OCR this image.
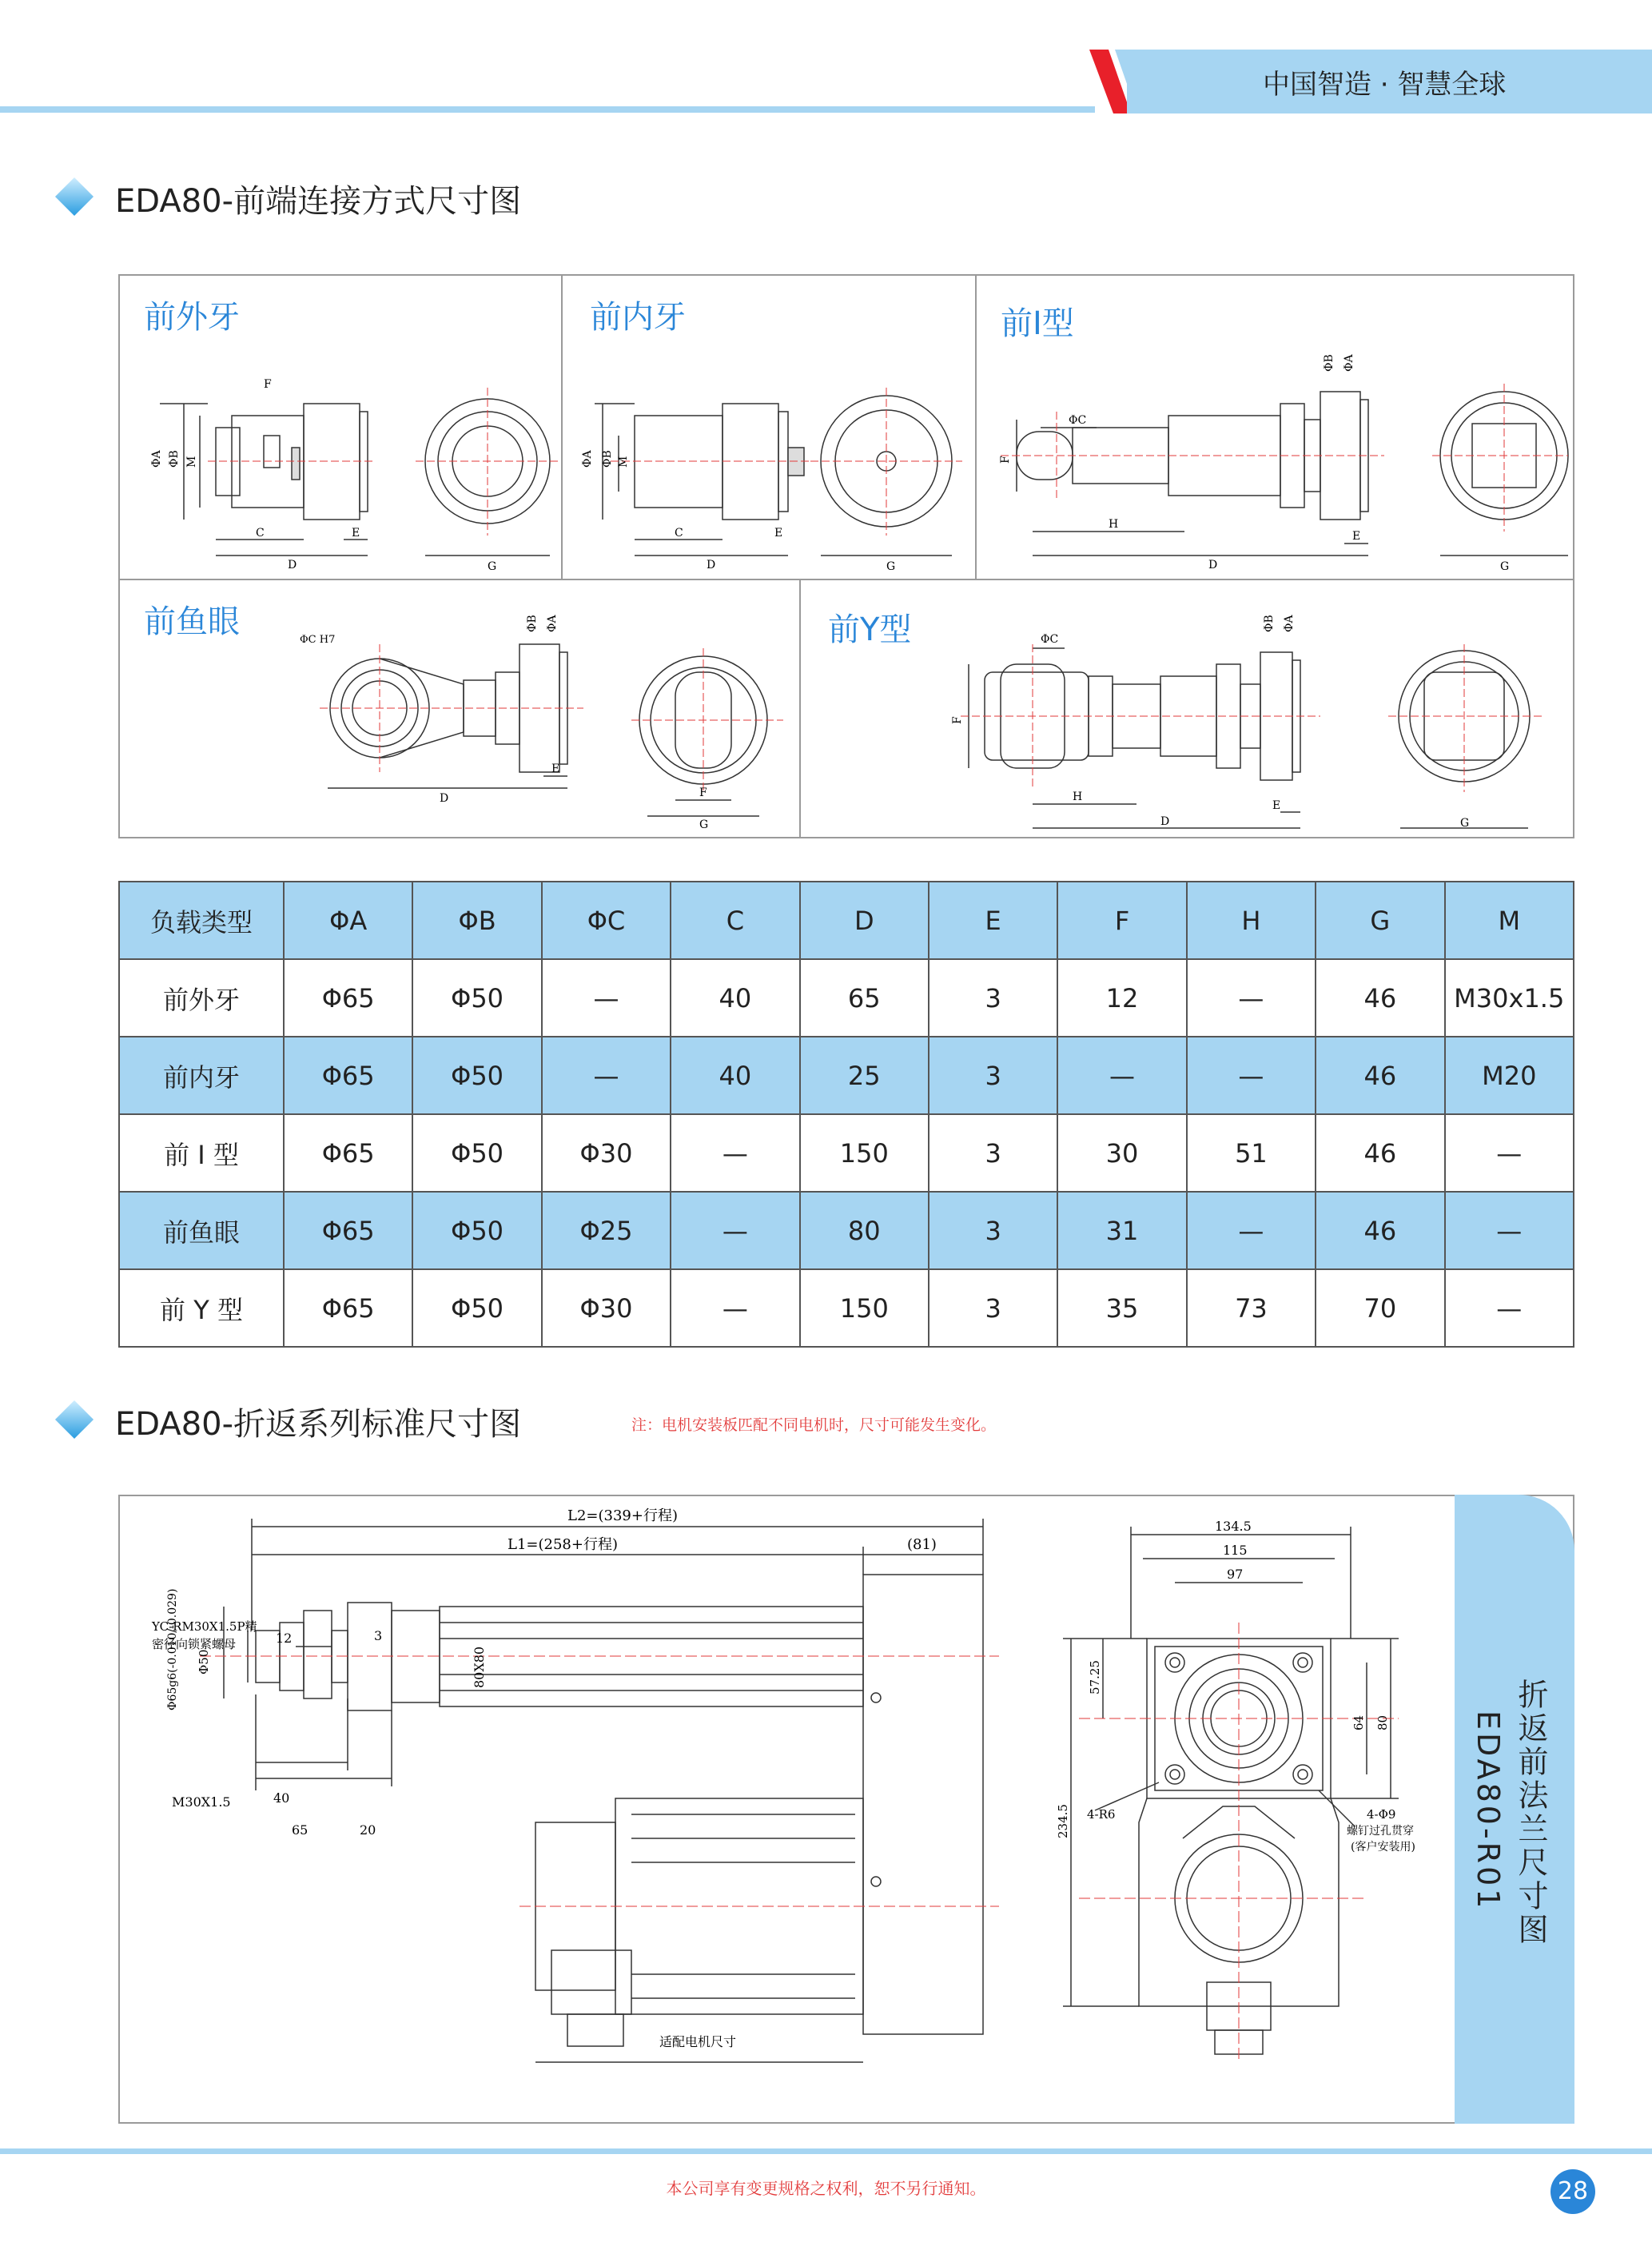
中国智造 · 智慧全球
EDA80-前端连接方式尺寸图
前外牙
ΦA ΦB M
C
D
E
F
G
前内牙
ΦA ΦB M
C
D
E
G
前I型
ΦC
F
H
D
E
ΦB ΦA
G
前鱼眼	ΦC H7
ΦB ΦA
D
E
F
G
前Y型	ΦC
F
H
D
E
ΦB ΦA
G
负载类型	ΦA	ΦB	ΦC	C	D	E	F	H	G	M
前外牙	Φ65	Φ50	—	40	65	3	12	—	46	M30x1.5
前内牙	Φ65	Φ50	—	40	25	3	—	—	46	M20
前 I 型	Φ65	Φ50	Φ30	—	150	3	30	51	46	—
前鱼眼	Φ65	Φ50	Φ25	—	80	3	31	—	46	—
前 Y 型	Φ65	Φ50	Φ30	—	150	3	35	73	70	—
EDA80-折返系列标准尺寸图	注：电机安装板匹配不同电机时，尺寸可能发生变化。
折返前法兰尺寸图
EDA80-R01
L2=(339+行程)
L1=(258+行程)	(81)
YC-RM30X1.5P精
密径向锁紧螺母	12	3
Φ65g6(-0.010/-0.029) Φ50	80X80
M30X1.5	40
65	20
适配电机尺寸
134.5
115
97
57.25
64 80
234.5 4-R6	4-Φ9
螺钉过孔贯穿
(客户安装用)
本公司享有变更规格之权利，恕不另行通知。	28
